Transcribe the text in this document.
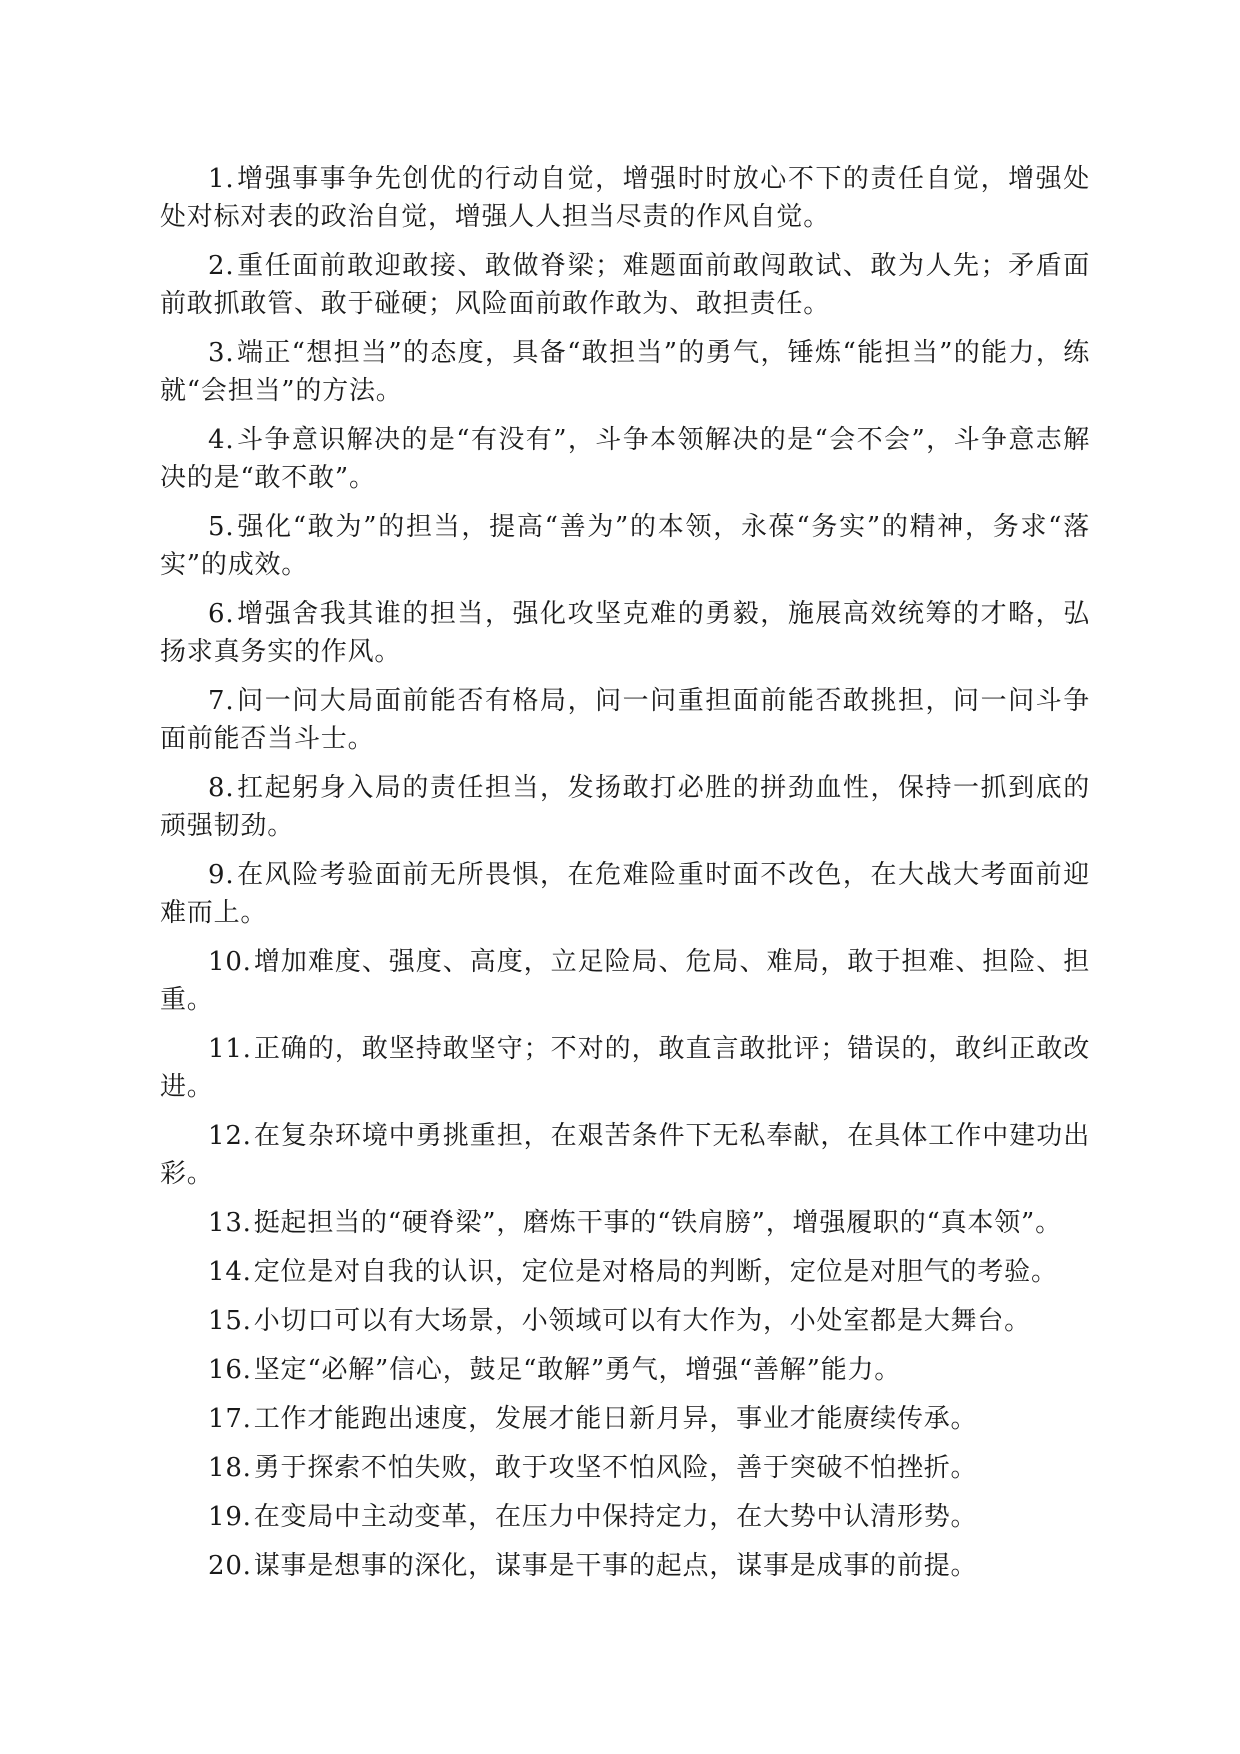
1.增强事事争先创优的行动自觉，增强时时放心不下的责任自觉，增强处处对标对表的政治自觉，增强人人担当尽责的作风自觉。

2.重任面前敢迎敢接、敢做脊梁；难题面前敢闯敢试、敢为人先；矛盾面前敢抓敢管、敢于碰硬；风险面前敢作敢为、敢担责任。

3.端正“想担当”的态度，具备“敢担当”的勇气，锤炼“能担当”的能力，练就“会担当”的方法。

4.斗争意识解决的是“有没有”，斗争本领解决的是“会不会”，斗争意志解决的是“敢不敢”。

5.强化“敢为”的担当，提高“善为”的本领，永葆“务实”的精神，务求“落实”的成效。

6.增强舍我其谁的担当，强化攻坚克难的勇毅，施展高效统筹的才略，弘扬求真务实的作风。

7.问一问大局面前能否有格局，问一问重担面前能否敢挑担，问一问斗争面前能否当斗士。

8.扛起躬身入局的责任担当，发扬敢打必胜的拼劲血性，保持一抓到底的顽强韧劲。

9.在风险考验面前无所畏惧，在危难险重时面不改色，在大战大考面前迎难而上。

10.增加难度、强度、高度，立足险局、危局、难局，敢于担难、担险、担重。

11.正确的，敢坚持敢坚守；不对的，敢直言敢批评；错误的，敢纠正敢改进。

12.在复杂环境中勇挑重担，在艰苦条件下无私奉献，在具体工作中建功出彩。

13.挺起担当的“硬脊梁”，磨炼干事的“铁肩膀”，增强履职的“真本领”。

14.定位是对自我的认识，定位是对格局的判断，定位是对胆气的考验。

15.小切口可以有大场景，小领域可以有大作为，小处室都是大舞台。

16.坚定“必解”信心，鼓足“敢解”勇气，增强“善解”能力。

17.工作才能跑出速度，发展才能日新月异，事业才能赓续传承。

18.勇于探索不怕失败，敢于攻坚不怕风险，善于突破不怕挫折。

19.在变局中主动变革，在压力中保持定力，在大势中认清形势。

20.谋事是想事的深化，谋事是干事的起点，谋事是成事的前提。
